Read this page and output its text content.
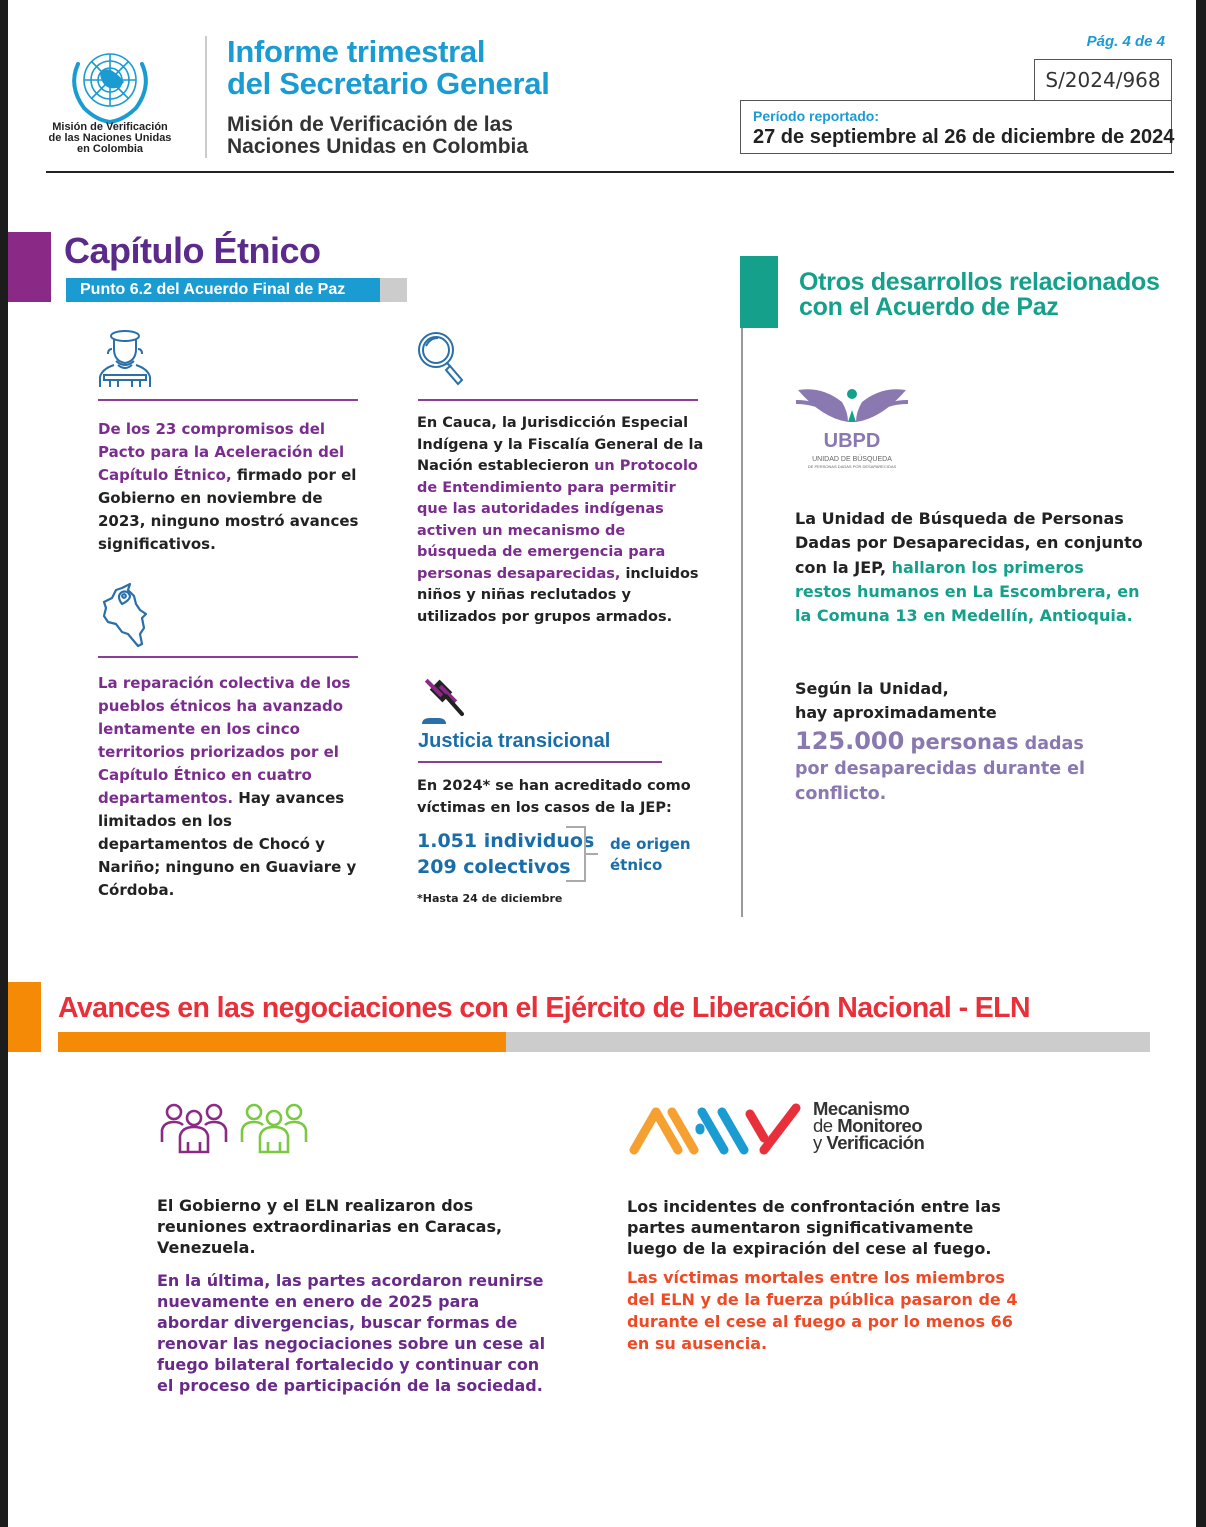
Misión de Verificación
de las Naciones Unidas
en Colombia
Informe trimestral
del Secretario General
Misión de Verificación de las
Naciones Unidas en Colombia
Pág. 4 de 4
S/2024/968
Período reportado:
27 de septiembre al 26 de diciembre de 2024
Capítulo Étnico
Punto 6.2 del Acuerdo Final de Paz
De los 23 compromisos del Pacto para la Aceleración del Capítulo Étnico, firmado por el Gobierno en noviembre de 2023, ninguno mostró avances significativos.
La reparación colectiva de los pueblos étnicos ha avanzado lentamente en los cinco territorios priorizados por el Capítulo Étnico en cuatro departamentos. Hay avances limitados en los departamentos de Chocó y Nariño; ninguno en Guaviare y Córdoba.
En Cauca, la Jurisdicción Especial Indígena y la Fiscalía General de la Nación establecieron un Protocolo de Entendimiento para permitir que las autoridades indígenas activen un mecanismo de búsqueda de emergencia para personas desaparecidas, incluidos niños y niñas reclutados y utilizados por grupos armados.
Justicia transicional
En 2024* se han acreditado como víctimas en los casos de la JEP:
1.051 individuos
209 colectivos
de origen étnico
*Hasta 24 de diciembre
Otros desarrollos relacionados
con el Acuerdo de Paz
UBPD
UNIDAD DE BÚSQUEDA
DE PERSONAS DADAS POR DESAPARECIDAS
La Unidad de Búsqueda de Personas Dadas por Desaparecidas, en conjunto con la JEP, hallaron los primeros restos humanos en La Escombrera, en la Comuna 13 en Medellín, Antioquia.
Según la Unidad,
hay aproximadamente
125.000 personas dadas por desaparecidas durante el conflicto.
Avances en las negociaciones con el Ejército de Liberación Nacional - ELN
El Gobierno y el ELN realizaron dos reuniones extraordinarias en Caracas, Venezuela.
En la última, las partes acordaron reunirse nuevamente en enero de 2025 para abordar divergencias, buscar formas de renovar las negociaciones sobre un cese al fuego bilateral fortalecido y continuar con el proceso de participación de la sociedad.
Mecanismo
de Monitoreo
y Verificación
Los incidentes de confrontación entre las partes aumentaron significativamente luego de la expiración del cese al fuego.
Las víctimas mortales entre los miembros del ELN y de la fuerza pública pasaron de 4 durante el cese al fuego a por lo menos 66 en su ausencia.
